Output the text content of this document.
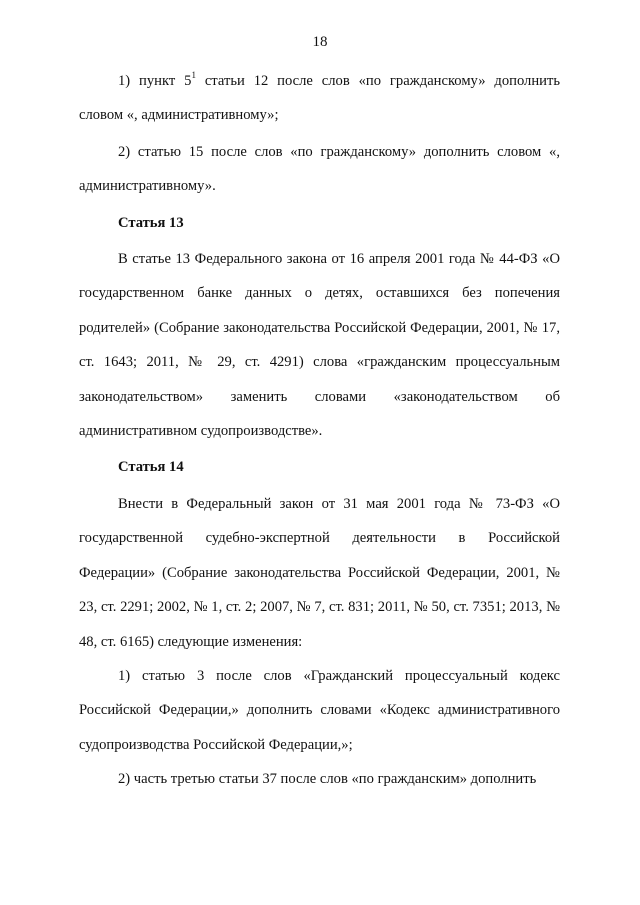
18

1) пункт $5^1$ статьи 12 после слов «по гражданскому» дополнить словом «, административному»;

2) статью 15 после слов «по гражданскому» дополнить словом «, административному».

Статья 13

В статье 13 Федерального закона от 16 апреля 2001 года № 44-ФЗ «О государственном банке данных о детях, оставшихся без попечения родителей» (Собрание законодательства Российской Федерации, 2001, № 17, ст. 1643; 2011, № 29, ст. 4291) слова «гражданским процессуальным законодательством» заменить словами «законодательством об административном судопроизводстве».

Статья 14

Внести в Федеральный закон от 31 мая 2001 года № 73-ФЗ «О государственной судебно-экспертной деятельности в Российской Федерации» (Собрание законодательства Российской Федерации, 2001, № 23, ст. 2291; 2002, № 1, ст. 2; 2007, № 7, ст. 831; 2011, № 50, ст. 7351; 2013, № 48, ст. 6165) следующие изменения:

1) статью 3 после слов «Гражданский процессуальный кодекс Российской Федерации,» дополнить словами «Кодекс административного судопроизводства Российской Федерации,»;

2) часть третью статьи 37 после слов «по гражданским» дополнить
